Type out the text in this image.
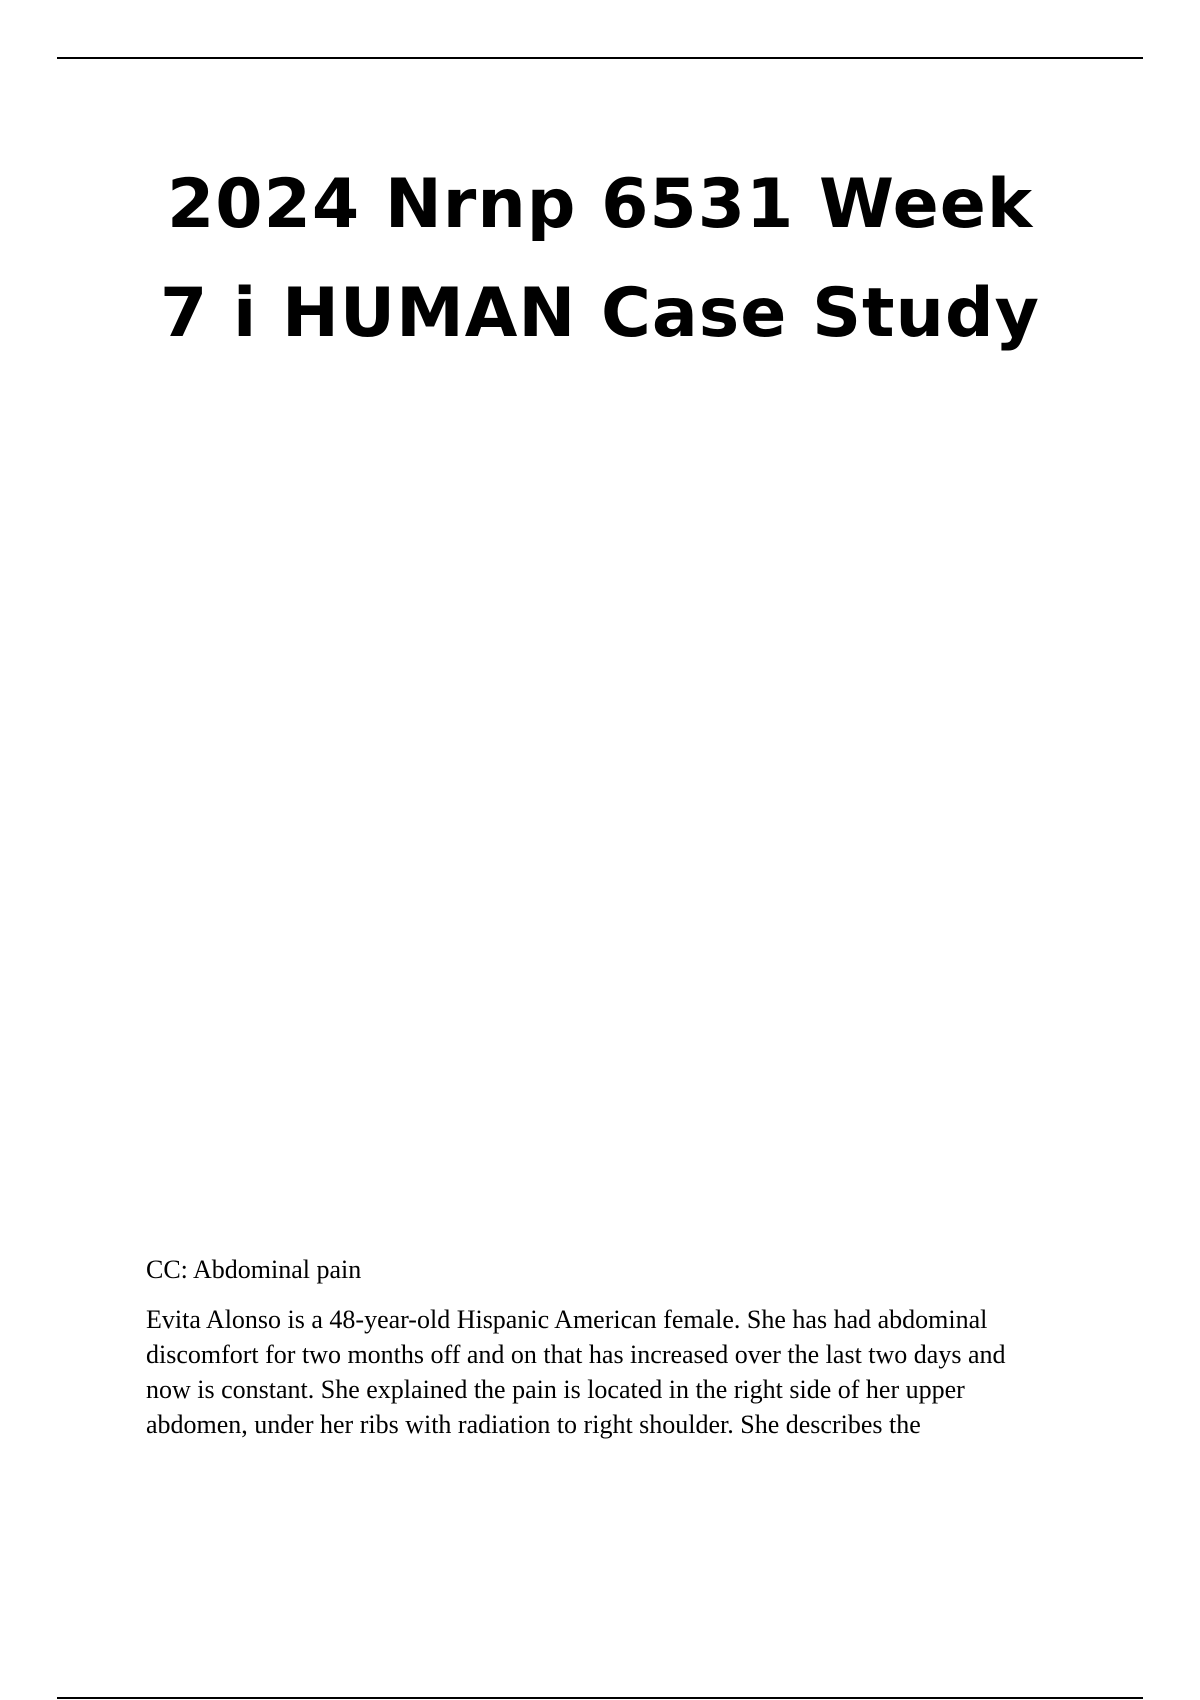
2024 Nrnp 6531 Week
7 i HUMAN Case Study

CC: Abdominal pain

Evita Alonso is a 48-year-old Hispanic American female. She has had abdominal
discomfort for two months off and on that has increased over the last two days and
now is constant. She explained the pain is located in the right side of her upper
abdomen, under her ribs with radiation to right shoulder. She describes the
